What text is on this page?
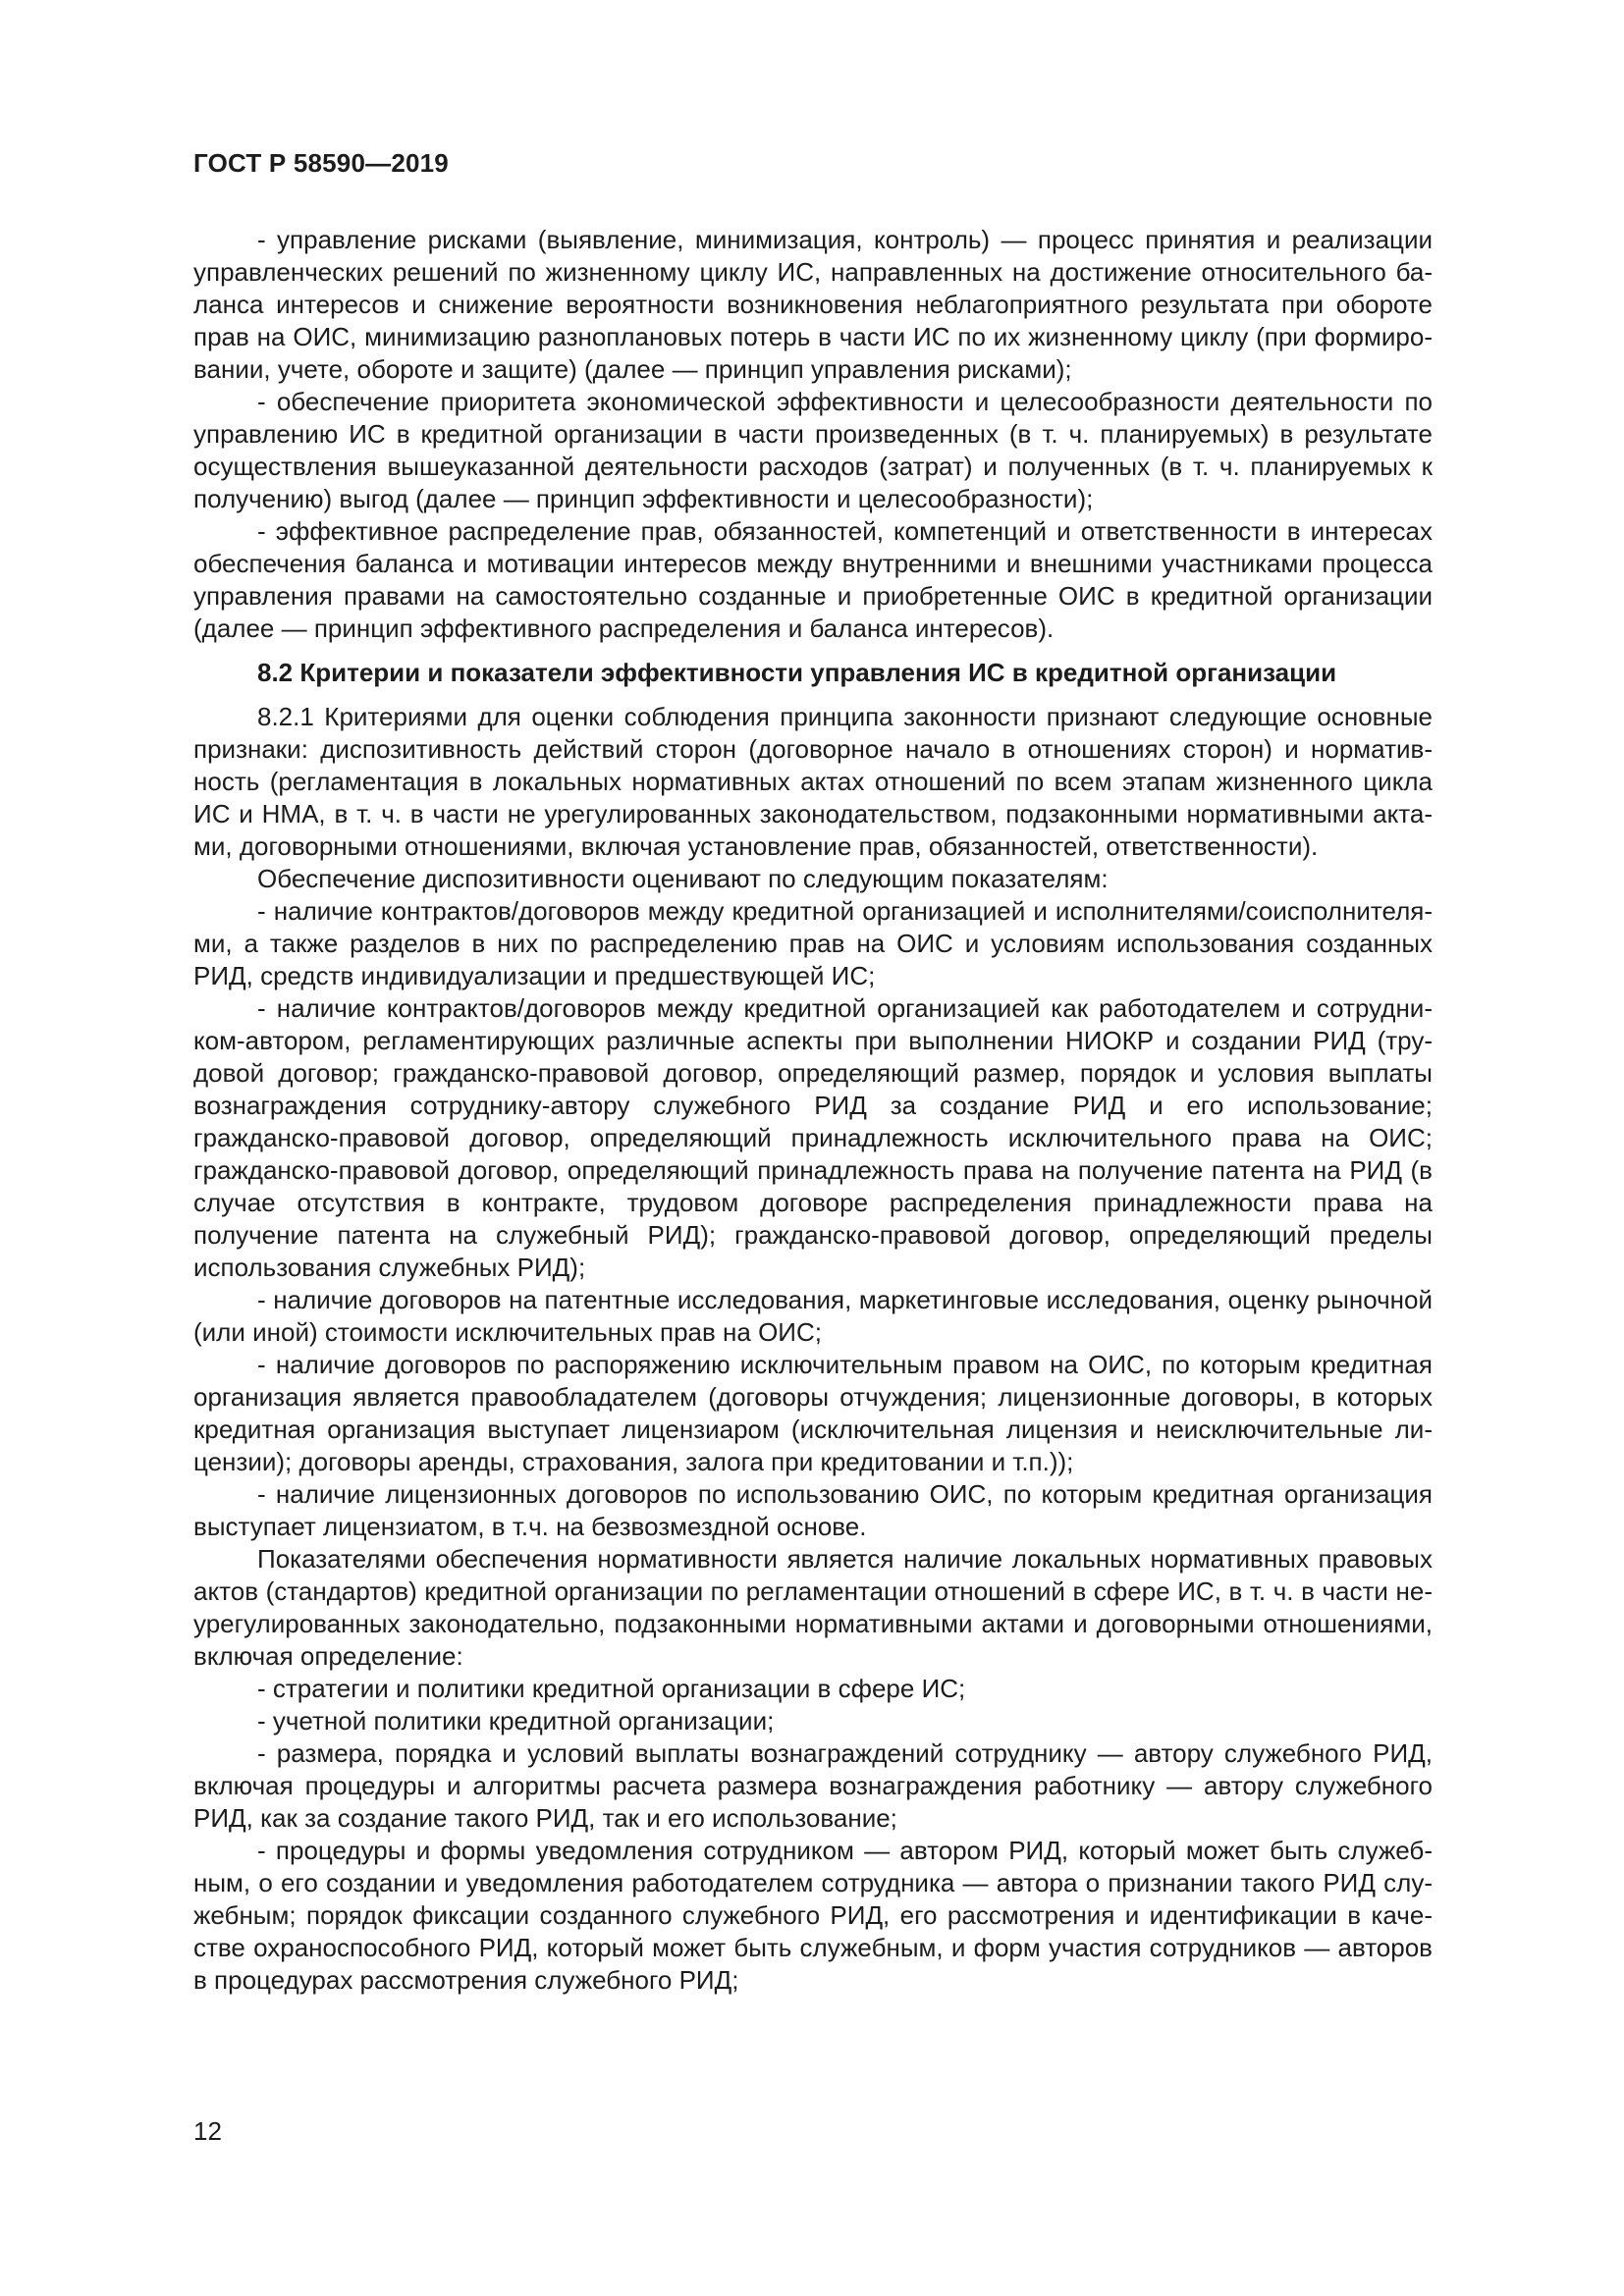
ГОСТ Р 58590—2019

- управление рисками (выявление, минимизация, контроль) — процесс принятия и реализации управленческих решений по жизненному циклу ИС, направленных на достижение относительного баланса интересов и снижение вероятности возникновения неблагоприятного результата при обороте прав на ОИС, минимизацию разноплановых потерь в части ИС по их жизненному циклу (при формировании, учете, обороте и защите) (далее — принцип управления рисками);

- обеспечение приоритета экономической эффективности и целесообразности деятельности по управлению ИС в кредитной организации в части произведенных (в т. ч. планируемых) в результате осуществления вышеуказанной деятельности расходов (затрат) и полученных (в т. ч. планируемых к получению) выгод (далее — принцип эффективности и целесообразности);

- эффективное распределение прав, обязанностей, компетенций и ответственности в интересах обеспечения баланса и мотивации интересов между внутренними и внешними участниками процесса управления правами на самостоятельно созданные и приобретенные ОИС в кредитной организации (далее — принцип эффективного распределения и баланса интересов).

8.2 Критерии и показатели эффективности управления ИС в кредитной организации

8.2.1 Критериями для оценки соблюдения принципа законности признают следующие основные признаки: диспозитивность действий сторон (договорное начало в отношениях сторон) и нормативность (регламентация в локальных нормативных актах отношений по всем этапам жизненного цикла ИС и НМА, в т. ч. в части не урегулированных законодательством, подзаконными нормативными актами, договорными отношениями, включая установление прав, обязанностей, ответственности).

Обеспечение диспозитивности оценивают по следующим показателям:

- наличие контрактов/договоров между кредитной организацией и исполнителями/соисполнителями, а также разделов в них по распределению прав на ОИС и условиям использования созданных РИД, средств индивидуализации и предшествующей ИС;

- наличие контрактов/договоров между кредитной организацией как работодателем и сотрудником-автором, регламентирующих различные аспекты при выполнении НИОКР и создании РИД (трудовой договор; гражданско-правовой договор, определяющий размер, порядок и условия выплаты вознаграждения сотруднику-автору служебного РИД за создание РИД и его использование; гражданско-правовой договор, определяющий принадлежность исключительного права на ОИС; гражданско-правовой договор, определяющий принадлежность права на получение патента на РИД (в случае отсутствия в контракте, трудовом договоре распределения принадлежности права на получение патента на служебный РИД); гражданско-правовой договор, определяющий пределы использования служебных РИД);

- наличие договоров на патентные исследования, маркетинговые исследования, оценку рыночной (или иной) стоимости исключительных прав на ОИС;

- наличие договоров по распоряжению исключительным правом на ОИС, по которым кредитная организация является правообладателем (договоры отчуждения; лицензионные договоры, в которых кредитная организация выступает лицензиаром (исключительная лицензия и неисключительные лицензии); договоры аренды, страхования, залога при кредитовании и т.п.));

- наличие лицензионных договоров по использованию ОИС, по которым кредитная организация выступает лицензиатом, в т.ч. на безвозмездной основе.

Показателями обеспечения нормативности является наличие локальных нормативных правовых актов (стандартов) кредитной организации по регламентации отношений в сфере ИС, в т. ч. в части неурегулированных законодательно, подзаконными нормативными актами и договорными отношениями, включая определение:

- стратегии и политики кредитной организации в сфере ИС;

- учетной политики кредитной организации;

- размера, порядка и условий выплаты вознаграждений сотруднику — автору служебного РИД, включая процедуры и алгоритмы расчета размера вознаграждения работнику — автору служебного РИД, как за создание такого РИД, так и его использование;

- процедуры и формы уведомления сотрудником — автором РИД, который может быть служебным, о его создании и уведомления работодателем сотрудника — автора о признании такого РИД служебным; порядок фиксации созданного служебного РИД, его рассмотрения и идентификации в качестве охраноспособного РИД, который может быть служебным, и форм участия сотрудников — авторов в процедурах рассмотрения служебного РИД;

12
